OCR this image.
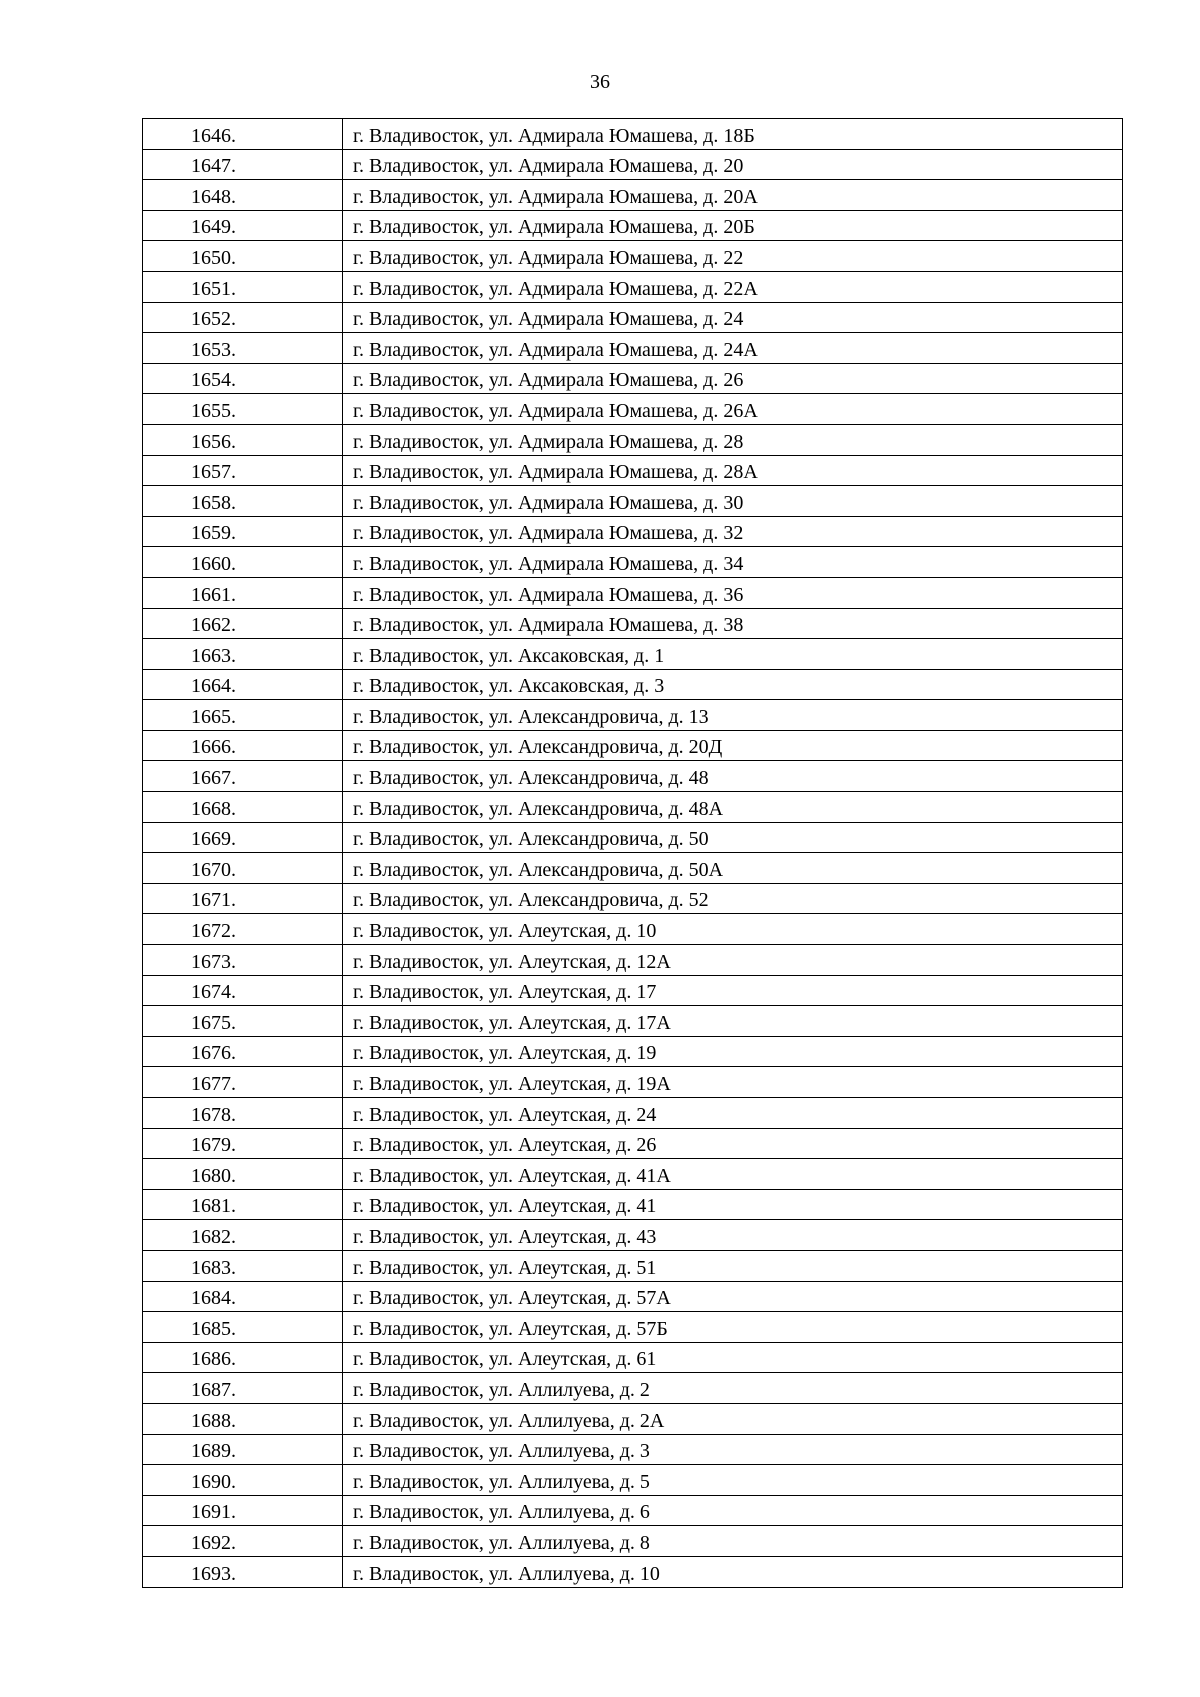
36
1646.	г. Владивосток, ул. Адмирала Юмашева, д. 18Б
1647.	г. Владивосток, ул. Адмирала Юмашева, д. 20
1648.	г. Владивосток, ул. Адмирала Юмашева, д. 20А
1649.	г. Владивосток, ул. Адмирала Юмашева, д. 20Б
1650.	г. Владивосток, ул. Адмирала Юмашева, д. 22
1651.	г. Владивосток, ул. Адмирала Юмашева, д. 22А
1652.	г. Владивосток, ул. Адмирала Юмашева, д. 24
1653.	г. Владивосток, ул. Адмирала Юмашева, д. 24А
1654.	г. Владивосток, ул. Адмирала Юмашева, д. 26
1655.	г. Владивосток, ул. Адмирала Юмашева, д. 26А
1656.	г. Владивосток, ул. Адмирала Юмашева, д. 28
1657.	г. Владивосток, ул. Адмирала Юмашева, д. 28А
1658.	г. Владивосток, ул. Адмирала Юмашева, д. 30
1659.	г. Владивосток, ул. Адмирала Юмашева, д. 32
1660.	г. Владивосток, ул. Адмирала Юмашева, д. 34
1661.	г. Владивосток, ул. Адмирала Юмашева, д. 36
1662.	г. Владивосток, ул. Адмирала Юмашева, д. 38
1663.	г. Владивосток, ул. Аксаковская, д. 1
1664.	г. Владивосток, ул. Аксаковская, д. 3
1665.	г. Владивосток, ул. Александровича, д. 13
1666.	г. Владивосток, ул. Александровича, д. 20Д
1667.	г. Владивосток, ул. Александровича, д. 48
1668.	г. Владивосток, ул. Александровича, д. 48А
1669.	г. Владивосток, ул. Александровича, д. 50
1670.	г. Владивосток, ул. Александровича, д. 50А
1671.	г. Владивосток, ул. Александровича, д. 52
1672.	г. Владивосток, ул. Алеутская, д. 10
1673.	г. Владивосток, ул. Алеутская, д. 12А
1674.	г. Владивосток, ул. Алеутская, д. 17
1675.	г. Владивосток, ул. Алеутская, д. 17А
1676.	г. Владивосток, ул. Алеутская, д. 19
1677.	г. Владивосток, ул. Алеутская, д. 19А
1678.	г. Владивосток, ул. Алеутская, д. 24
1679.	г. Владивосток, ул. Алеутская, д. 26
1680.	г. Владивосток, ул. Алеутская, д. 41А
1681.	г. Владивосток, ул. Алеутская, д. 41
1682.	г. Владивосток, ул. Алеутская, д. 43
1683.	г. Владивосток, ул. Алеутская, д. 51
1684.	г. Владивосток, ул. Алеутская, д. 57А
1685.	г. Владивосток, ул. Алеутская, д. 57Б
1686.	г. Владивосток, ул. Алеутская, д. 61
1687.	г. Владивосток, ул. Аллилуева, д. 2
1688.	г. Владивосток, ул. Аллилуева, д. 2А
1689.	г. Владивосток, ул. Аллилуева, д. 3
1690.	г. Владивосток, ул. Аллилуева, д. 5
1691.	г. Владивосток, ул. Аллилуева, д. 6
1692.	г. Владивосток, ул. Аллилуева, д. 8
1693.	г. Владивосток, ул. Аллилуева, д. 10
